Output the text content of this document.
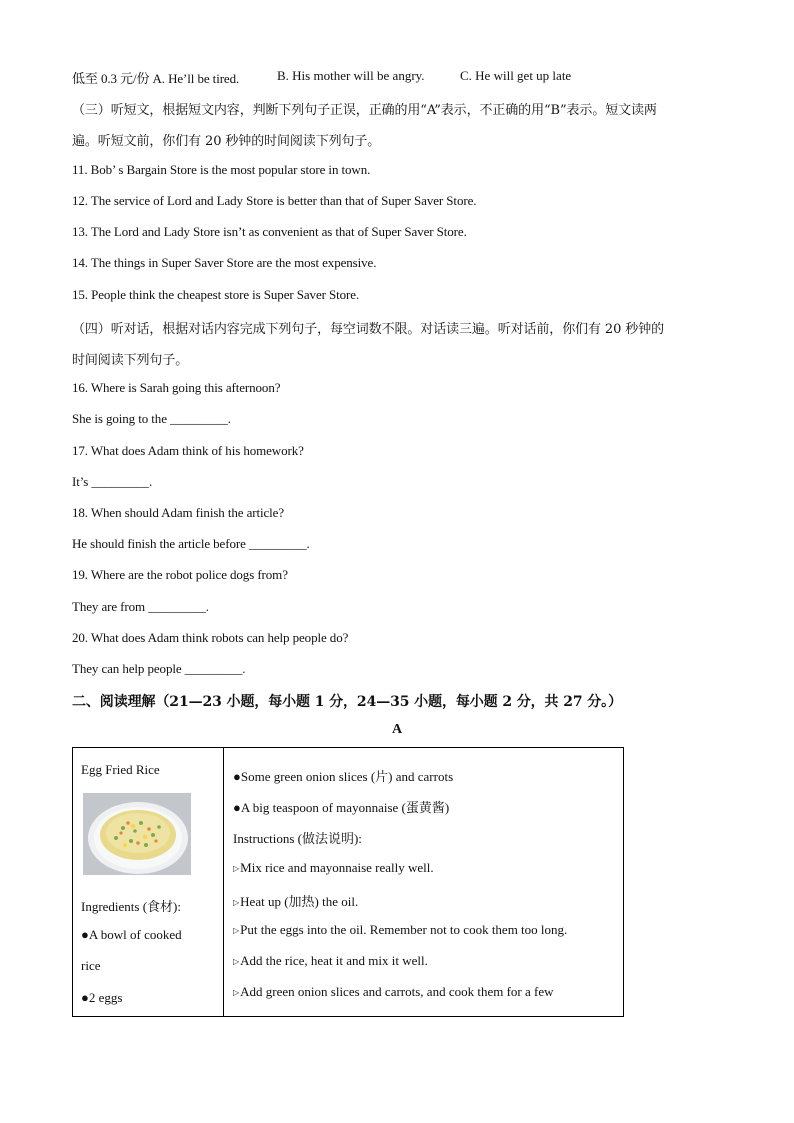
低至 0.3 元/份 A. He’ll be tired.	B. His mother will be angry.	C. He will get up late
（三）听短文，根据短文内容，判断下列句子正误，正确的用“A”表示，不正确的用“B”表示。短文读两
遍。听短文前，你们有 20 秒钟的时间阅读下列句子。
11. Bob’ s Bargain Store is the most popular store in town.
12. The service of Lord and Lady Store is better than that of Super Saver Store.
13. The Lord and Lady Store isn’t as convenient as that of Super Saver Store.
14. The things in Super Saver Store are the most expensive.
15. People think the cheapest store is Super Saver Store.
（四）听对话，根据对话内容完成下列句子，每空词数不限。对话读三遍。听对话前，你们有 20 秒钟的
时间阅读下列句子。
16. Where is Sarah going this afternoon?
She is going to the _________.
17. What does Adam think of his homework?
It’s _________.
18. When should Adam finish the article?
He should finish the article before _________.
19. Where are the robot police dogs from?
They are from _________.
20. What does Adam think robots can help people do?
They can help people _________.
二、阅读理解（21—23 小题，每小题 1 分，24—35 小题，每小题 2 分，共 27 分。）
A
Egg Fried Rice
Ingredients (食材):
●A bowl of cooked
rice
●2 eggs
●Some green onion slices (片) and carrots
●A big teaspoon of mayonnaise (蛋黄酱)
Instructions (做法说明):
▷Mix rice and mayonnaise really well.
▷Heat up (加热) the oil.
▷Put the eggs into the oil. Remember not to cook them too long.
▷Add the rice, heat it and mix it well.
▷Add green onion slices and carrots, and cook them for a few
